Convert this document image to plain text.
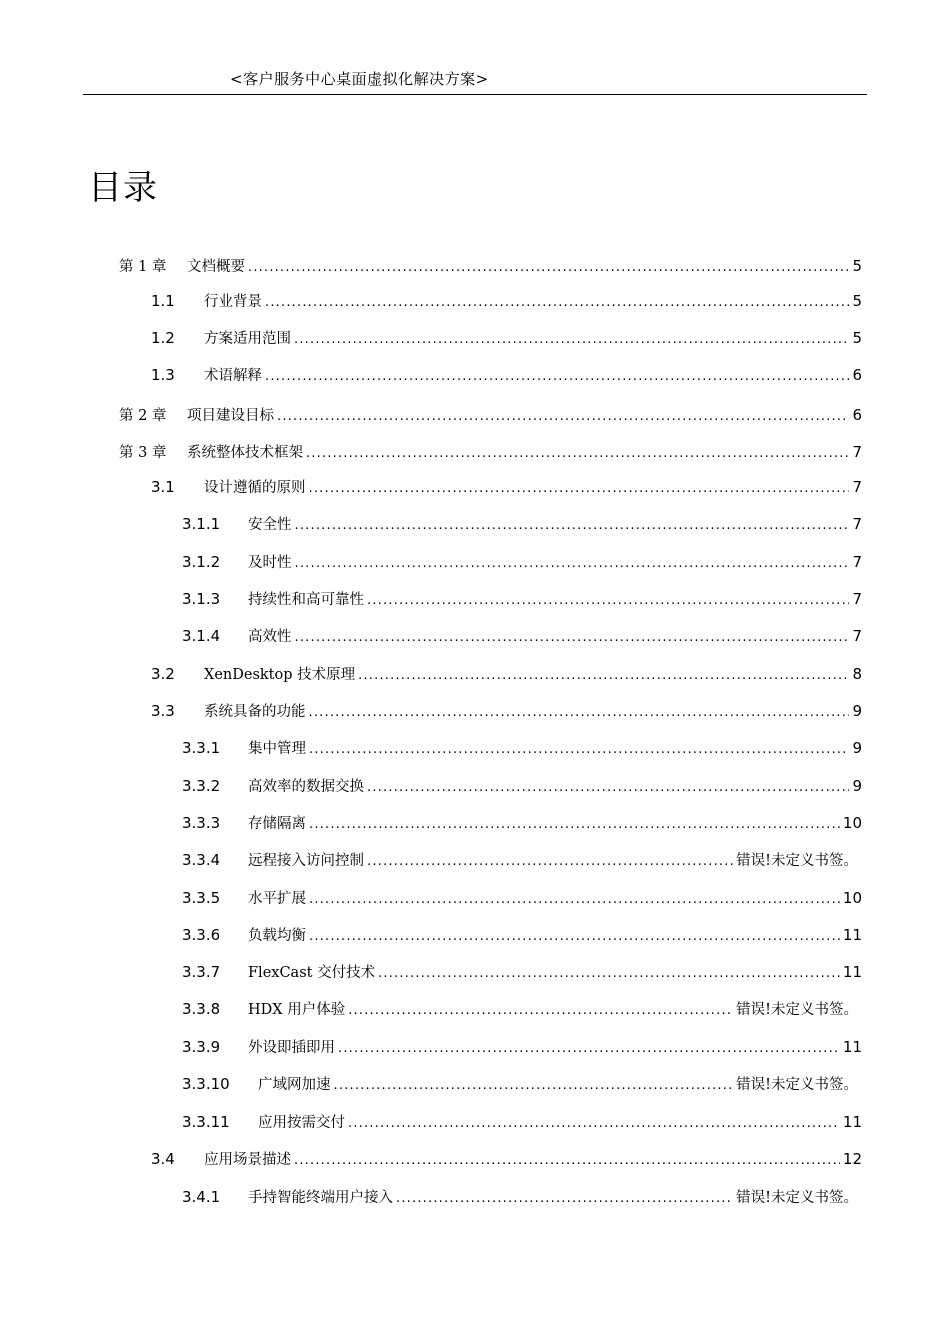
<客户服务中心桌面虚拟化解决方案>
目录
第 1 章	文档概要 .....	5
1.1	行业背景 .....	5
1.2	方案适用范围 .....	5
1.3	术语解释 .....	6
第 2 章	项目建设目标 .....	6
第 3 章	系统整体技术框架 .....	7
3.1	设计遵循的原则 .....	7
3.1.1	安全性 .....	7
3.1.2	及时性 .....	7
3.1.3	持续性和高可靠性 .....	7
3.1.4	高效性 .....	7
3.2	XenDesktop 技术原理 .....	8
3.3	系统具备的功能 .....	9
3.3.1	集中管理 .....	9
3.3.2	高效率的数据交换 .....	9
3.3.3	存储隔离 .....	10
3.3.4	远程接入访问控制 .....	错误!未定义书签。
3.3.5	水平扩展 .....	10
3.3.6	负载均衡 .....	11
3.3.7	FlexCast 交付技术 .....	11
3.3.8	HDX 用户体验 .....	错误!未定义书签。
3.3.9	外设即插即用 .....	11
3.3.10	广域网加速 .....	错误!未定义书签。
3.3.11	应用按需交付 .....	11
3.4	应用场景描述 .....	12
3.4.1	手持智能终端用户接入 .....	错误!未定义书签。
